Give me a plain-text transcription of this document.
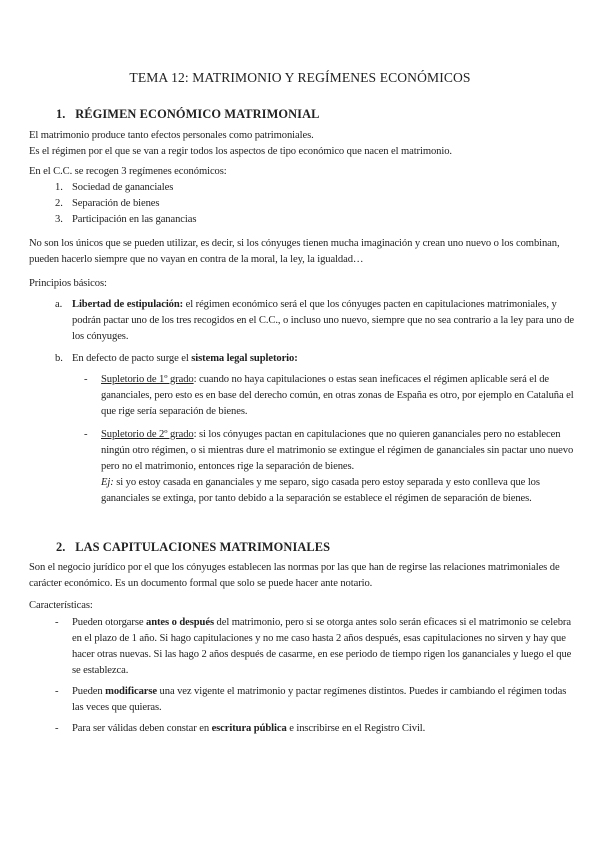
TEMA 12: MATRIMONIO Y REGÍMENES ECONÓMICOS
1. RÉGIMEN ECONÓMICO MATRIMONIAL

El matrimonio produce tanto efectos personales como patrimoniales.

Es el régimen por el que se van a regir todos los aspectos de tipo económico que nacen el matrimonio.

En el C.C. se recogen 3 regímenes económicos:

1. Sociedad de gananciales
2. Separación de bienes
3. Participación en las ganancias

No son los únicos que se pueden utilizar, es decir, si los cónyuges tienen mucha imaginación y crean uno nuevo o los combinan, pueden hacerlo siempre que no vayan en contra de la moral, la ley, la igualdad…

Principios básicos:

a. Libertad de estipulación: el régimen económico será el que los cónyuges pacten en capitulaciones matrimoniales, y podrán pactar uno de los tres recogidos en el C.C., o incluso uno nuevo, siempre que no sea contrario a la ley para uno de los cónyuges.
b. En defecto de pacto surge el sistema legal supletorio:
- Supletorio de 1º grado: cuando no haya capitulaciones o estas sean ineficaces el régimen aplicable será el de gananciales, pero esto es en base del derecho común, en otras zonas de España es otro, por ejemplo en Cataluña el que rige sería separación de bienes.
- Supletorio de 2º grado: si los cónyuges pactan en capitulaciones que no quieren gananciales pero no establecen ningún otro régimen, o si mientras dure el matrimonio se extingue el régimen de gananciales sin pactar uno nuevo pero no el matrimonio, entonces rige la separación de bienes.
Ej: si yo estoy casada en gananciales y me separo, sigo casada pero estoy separada y esto conlleva que los gananciales se extinga, por tanto debido a la separación se establece el régimen de separación de bienes.
2. LAS CAPITULACIONES MATRIMONIALES

Son el negocio jurídico por el que los cónyuges establecen las normas por las que han de regirse las relaciones matrimoniales de carácter económico. Es un documento formal que solo se puede hacer ante notario.

Características:

- Pueden otorgarse antes o después del matrimonio, pero si se otorga antes solo serán eficaces si el matrimonio se celebra en el plazo de 1 año. Si hago capitulaciones y no me caso hasta 2 años después, esas capitulaciones no sirven y hay que hacer otras nuevas. Si las hago 2 años después de casarme, en ese periodo de tiempo rigen los gananciales y luego el que se establezca.
- Pueden modificarse una vez vigente el matrimonio y pactar regímenes distintos. Puedes ir cambiando el régimen todas las veces que quieras.
- Para ser válidas deben constar en escritura pública e inscribirse en el Registro Civil.
